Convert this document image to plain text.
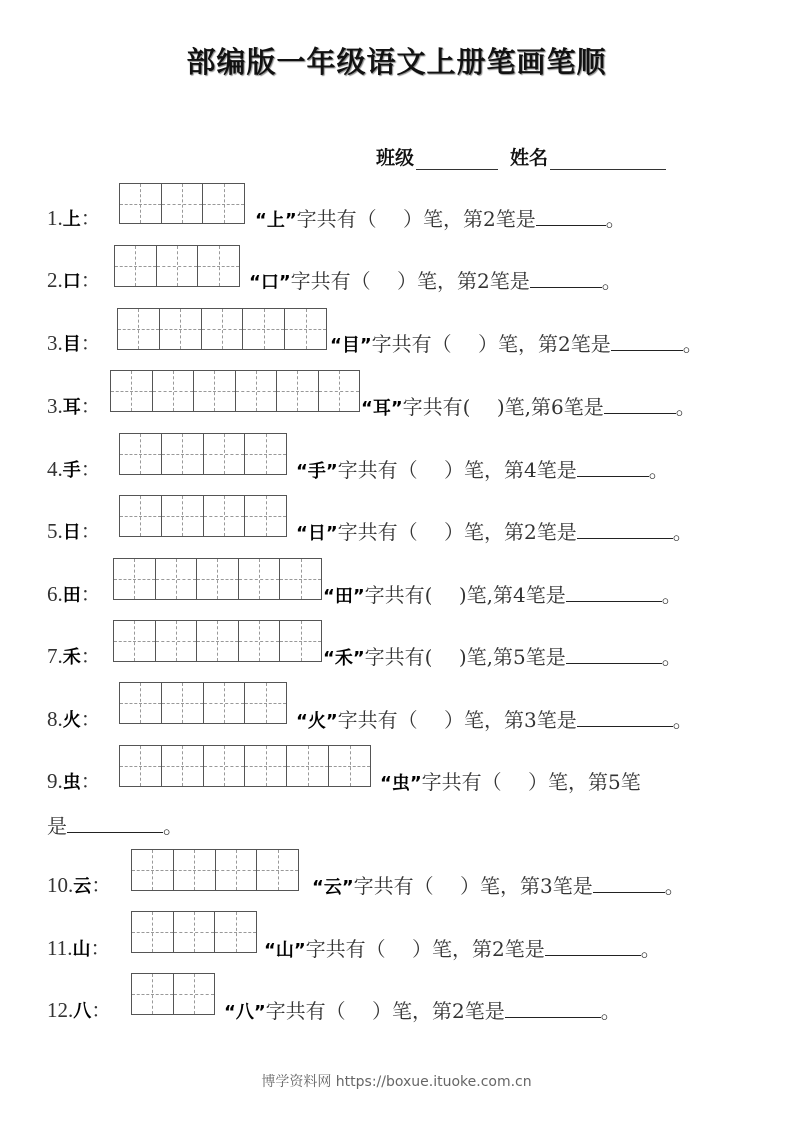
部编版一年级语文上册笔画笔顺
班级	姓名
1.上：	“上” 字共有（　 ）笔，第 2 笔是	。
2.口：	“口” 字共有（　 ）笔，第 2 笔是	。
3.目：	“目” 字共有（　 ）笔，第 2 笔是	。
3.耳：	“耳” 字共有(　 )笔,第 6 笔是	。
4.手：	“手” 字共有（　 ）笔，第 4 笔是	。
5.日：	“日” 字共有（　 ）笔，第 2 笔是	。
6.田：	“田” 字共有(　 )笔,第 4 笔是	。
7.禾：	“禾” 字共有(　 )笔,第 5 笔是	。
8.火：	“火” 字共有（　 ）笔，第 3 笔是	。
9.虫：	“虫” 字共有（　 ）笔，第 5 笔
是	。
10.云：	“云” 字共有（　 ）笔，第 3 笔是	。
11.山：	“山” 字共有（　 ）笔，第 2 笔是	。
12.八：	“八” 字共有（　 ）笔，第 2 笔是	。
博学资料网 https://boxue.ituoke.com.cn
